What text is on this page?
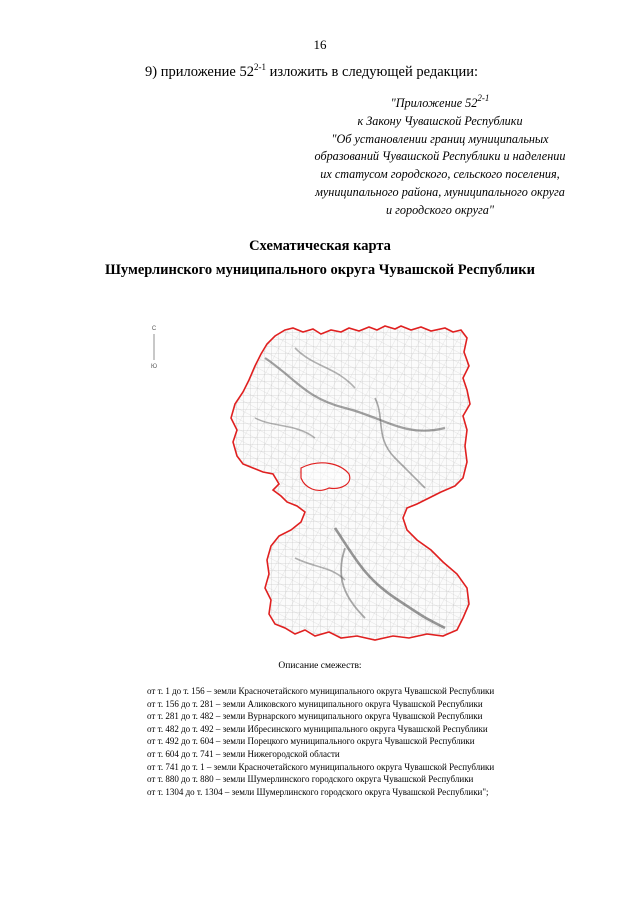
16
9) приложение 52$^{2-1}$ изложить в следующей редакции:
"Приложение 52$^{2-1}$
к Закону Чувашской Республики
"Об установлении границ муниципальных
образований Чувашской Республики и наделении
их статусом городского, сельского поселения,
муниципального района, муниципального округа
и городского округа"
Схематическая карта
Шумерлинского муниципального округа Чувашской Республики
С
Ю
Описание смежеств:
от т. 1 до т. 156 – земли Красночетайского муниципального округа Чувашской Республики
от т. 156 до т. 281 – земли Аликовского муниципального округа Чувашской Республики
от т. 281 до т. 482 – земли Вурнарского муниципального округа Чувашской Республики
от т. 482 до т. 492 – земли Ибресинского муниципального округа Чувашской Республики
от т. 492 до т. 604 – земли Порецкого муниципального округа Чувашской Республики
от т. 604 до т. 741 – земли Нижегородской области
от т. 741 до т. 1 – земли Красночетайского муниципального округа Чувашской Республики
от т. 880 до т. 880 – земли Шумерлинского городского округа Чувашской Республики
от т. 1304 до т. 1304 – земли Шумерлинского городского округа Чувашской Республики";
